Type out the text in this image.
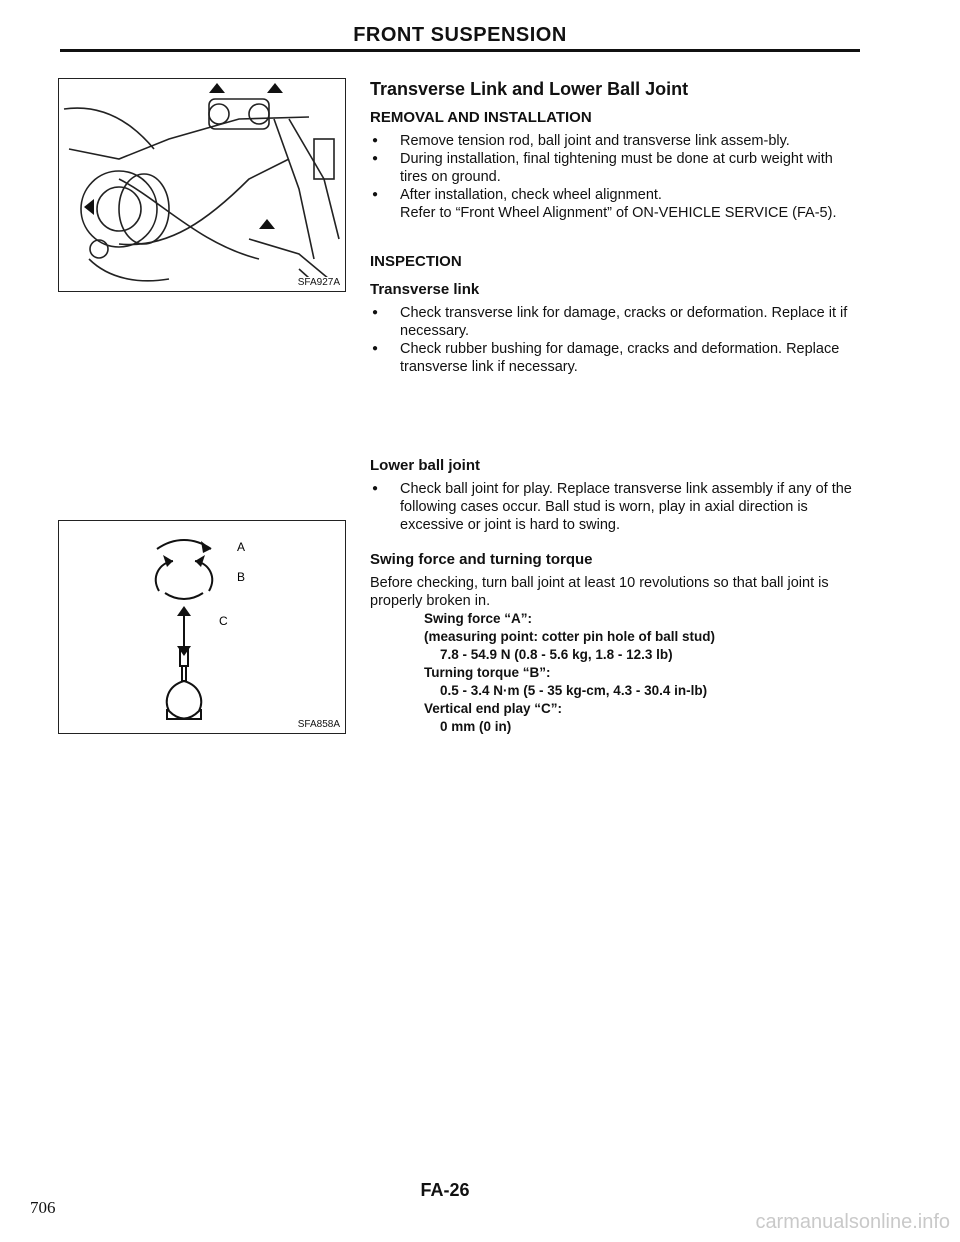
FRONT SUSPENSION
SFA927A
A
B
C
SFA858A
Transverse Link and Lower Ball Joint
REMOVAL AND INSTALLATION
● Remove tension rod, ball joint and transverse link assem-bly.
● During installation, final tightening must be done at curb weight with tires on ground.
● After installation, check wheel alignment.
Refer to “Front Wheel Alignment” of ON-VEHICLE SERVICE (FA-5).
INSPECTION
Transverse link
● Check transverse link for damage, cracks or deformation. Replace it if necessary.
● Check rubber bushing for damage, cracks and deformation. Replace transverse link if necessary.
Lower ball joint
● Check ball joint for play. Replace transverse link assembly if any of the following cases occur. Ball stud is worn, play in axial direction is excessive or joint is hard to swing.
Swing force and turning torque
Before checking, turn ball joint at least 10 revolutions so that ball joint is properly broken in.
Swing force “A”:
(measuring point: cotter pin hole of ball stud)
7.8 - 54.9 N (0.8 - 5.6 kg, 1.8 - 12.3 lb)
Turning torque “B”:
0.5 - 3.4 N·m (5 - 35 kg-cm, 4.3 - 30.4 in-lb)
Vertical end play “C”:
0 mm (0 in)
FA-26
706
carmanualsonline.info
